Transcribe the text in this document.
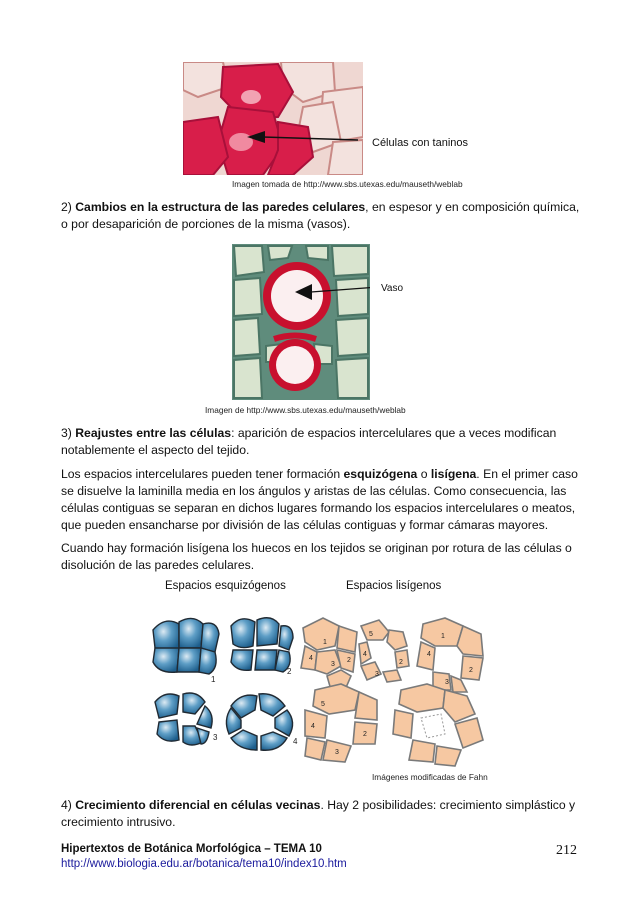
Células con taninos
Imagen tomada de http://www.sbs.utexas.edu/mauseth/weblab

2) Cambios en la estructura de las paredes celulares, en espesor y en composición química, o por desaparición de porciones de la misma (vasos).

Vaso
Imagen de http://www.sbs.utexas.edu/mauseth/weblab

3) Reajustes entre las células: aparición de espacios intercelulares que a veces modifican notablemente el aspecto del tejido.

Los espacios intercelulares pueden tener formación esquizógena o lisígena. En el primer caso se disuelve la laminilla media en los ángulos y aristas de las células. Como consecuencia, las células contiguas se separan en dichos lugares formando los espacios intercelulares o meatos, que pueden ensancharse por división de las células contiguas y formar cámaras mayores.

Cuando hay formación lisígena los huecos en los tejidos se originan por rotura de las células o disolución de las paredes celulares.

Espacios esquizógenos	Espacios lisígenos
1
2
3	4
1
2
3
4
5
4
3
2
1
2
3
4
5
4
3
2
Imágenes modificadas de Fahn

4) Crecimiento diferencial en células vecinas. Hay 2 posibilidades: crecimiento simplástico y crecimiento intrusivo.

Hipertextos de Botánica Morfológica – TEMA 10
http://www.biologia.edu.ar/botanica/tema10/index10.htm
212
